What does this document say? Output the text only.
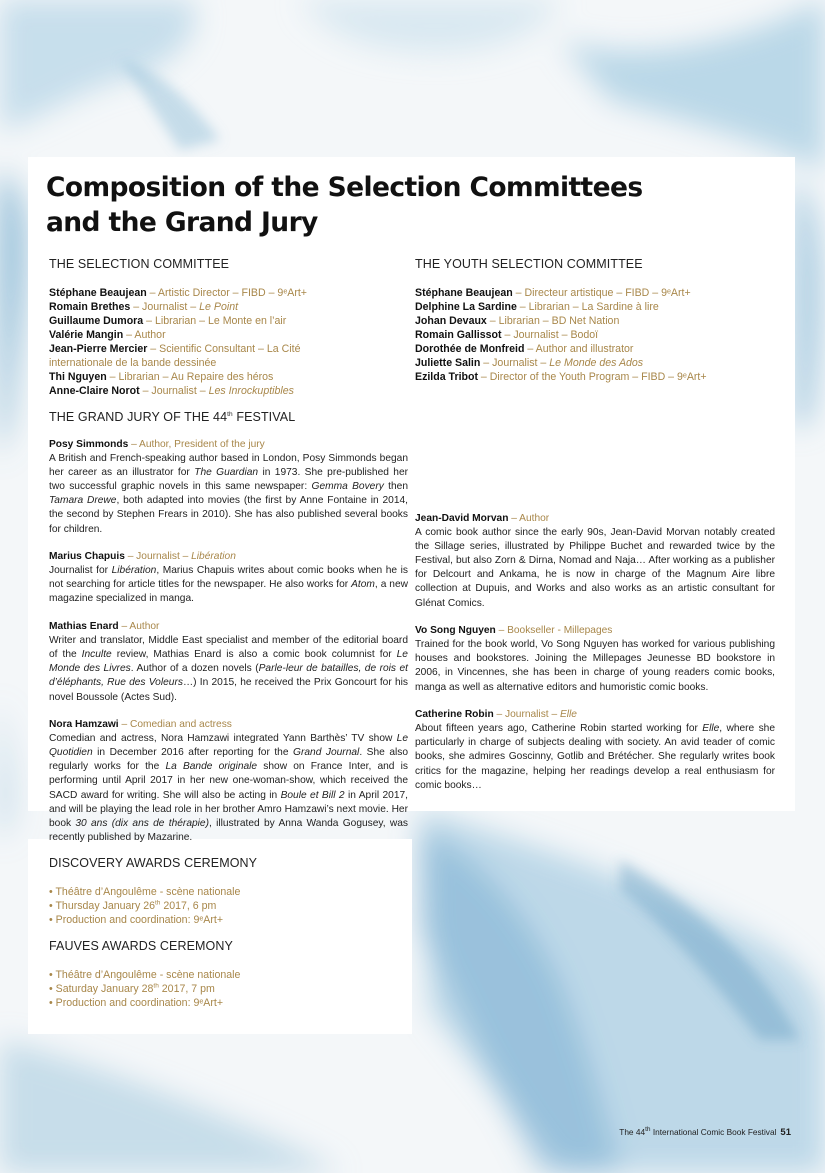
Composition of the Selection Committees
and the Grand Jury
THE SELECTION COMMITTEE
Stéphane Beaujean – Artistic Director – FIBD – 9ᵉArt+
Romain Brethes – Journalist – Le Point
Guillaume Dumora – Librarian – Le Monte en l’air
Valérie Mangin – Author
Jean-Pierre Mercier – Scientific Consultant – La Cité internationale de la bande dessinée
Thi Nguyen – Librarian – Au Repaire des héros
Anne-Claire Norot – Journalist – Les Inrockuptibles
THE YOUTH SELECTION COMMITTEE
Stéphane Beaujean – Directeur artistique – FIBD – 9ᵉArt+
Delphine La Sardine – Librarian – La Sardine à lire
Johan Devaux – Librarian – BD Net Nation
Romain Gallissot – Journalist – Bodoï
Dorothée de Monfreid – Author and illustrator
Juliette Salin – Journalist – Le Monde des Ados
Ezilda Tribot – Director of the Youth Program – FIBD – 9ᵉArt+
THE GRAND JURY OF THE 44th FESTIVAL

Posy Simmonds – Author, President of the jury
A British and French-speaking author based in London, Posy Simmonds began her career as an illustrator for The Guardian in 1973. She pre-published her two successful graphic novels in this same newspaper: Gemma Bovery then Tamara Drewe, both adapted into movies (the first by Anne Fontaine in 2014, the second by Stephen Frears in 2010). She has also published several books for children.

Marius Chapuis – Journalist – Libération
Journalist for Libération, Marius Chapuis writes about comic books when he is not searching for article titles for the newspaper. He also works for Atom, a new magazine specialized in manga.

Mathias Enard – Author
Writer and translator, Middle East specialist and member of the editorial board of the Inculte review, Mathias Enard is also a comic book columnist for Le Monde des Livres. Author of a dozen novels (Parle-leur de batailles, de rois et d’éléphants, Rue des Voleurs…) In 2015, he received the Prix Goncourt for his novel Boussole (Actes Sud).

Nora Hamzawi – Comedian and actress
Comedian and actress, Nora Hamzawi integrated Yann Barthès’ TV show Le Quotidien in December 2016 after reporting for the Grand Journal. She also regularly works for the La Bande originale show on France Inter, and is performing until April 2017 in her new one-woman-show, which received the SACD award for writing. She will also be acting in Boule et Bill 2 in April 2017, and will be playing the lead role in her brother Amro Hamzawi’s next movie. Her book 30 ans (dix ans de thérapie), illustrated by Anna Wanda Gogusey, was recently published by Mazarine.

Jean-David Morvan – Author
A comic book author since the early 90s, Jean-David Morvan notably created the Sillage series, illustrated by Philippe Buchet and rewarded twice by the Festival, but also Zorn & Dirna, Nomad and Naja… After working as a publisher for Delcourt and Ankama, he is now in charge of the Magnum Aire libre collection at Dupuis, and Works and also works as an artistic consultant for Glénat Comics.

Vo Song Nguyen – Bookseller - Millepages
Trained for the book world, Vo Song Nguyen has worked for various publishing houses and bookstores. Joining the Millepages Jeunesse BD bookstore in 2006, in Vincennes, she has been in charge of young readers comic books, manga as well as alternative editors and humoristic comic books.

Catherine Robin – Journalist – Elle
About fifteen years ago, Catherine Robin started working for Elle, where she particularly in charge of subjects dealing with society. An avid teader of comic books, she admires Goscinny, Gotlib and Brétécher. She regularly writes book critics for the magazine, helping her readings develop a real enthusiasm for comic books…

DISCOVERY AWARDS CEREMONY
• Théâtre d’Angoulême - scène nationale
• Thursday January 26th 2017, 6 pm
• Production and coordination: 9ᵉArt+
FAUVES AWARDS CEREMONY
• Théâtre d’Angoulême - scène nationale
• Saturday January 28th 2017, 7 pm
• Production and coordination: 9ᵉArt+
The 44th International Comic Book Festival 51
